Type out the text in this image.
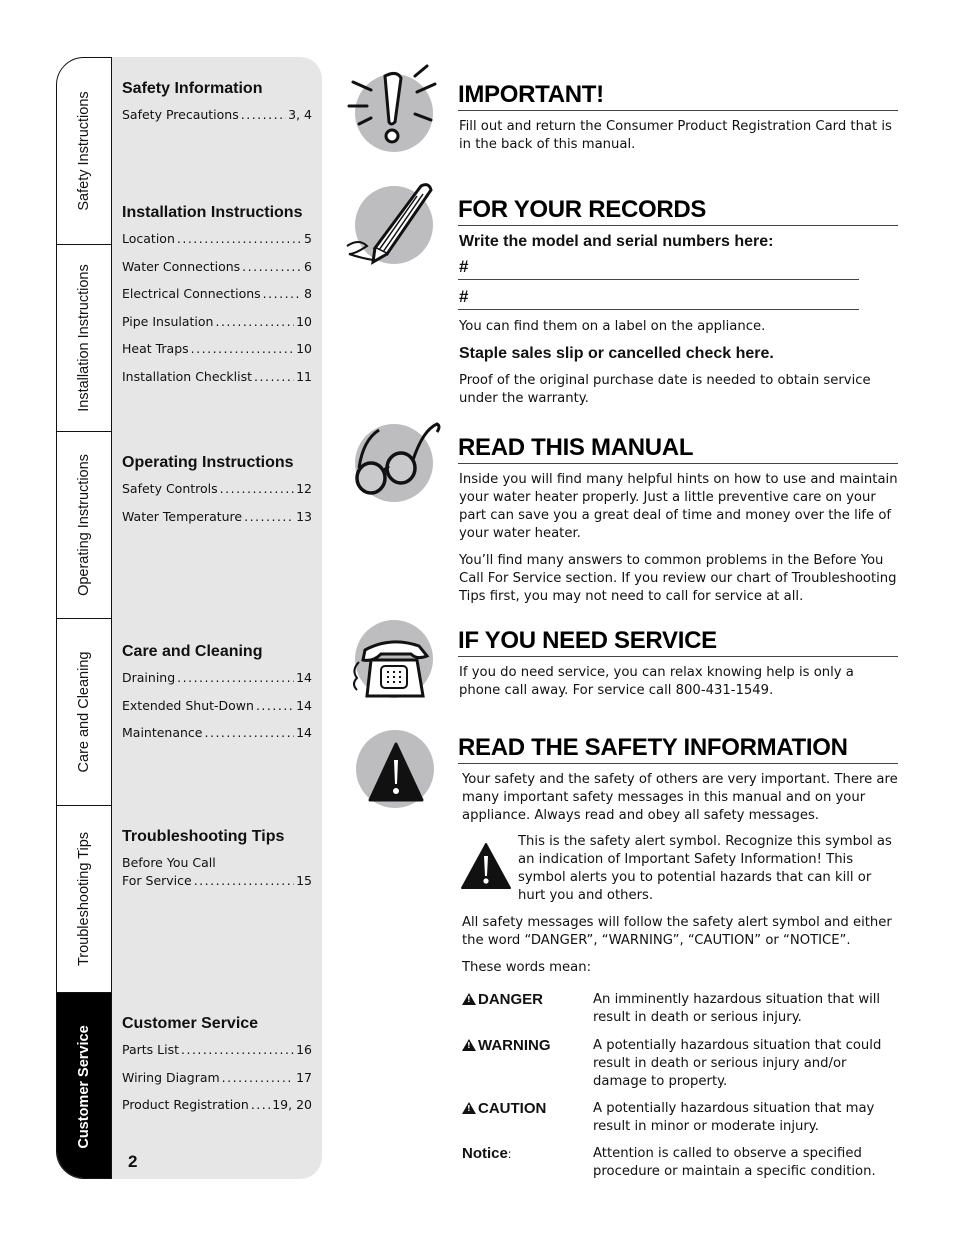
Safety Instructions
Installation Instructions
Operating Instructions
Care and Cleaning
Troubleshooting Tips
Customer Service
Safety Information
Safety Precautions .....	3, 4
Installation Instructions
Location .....	5
Water Connections .....	6
Electrical Connections .....	8
Pipe Insulation .....	10
Heat Traps .....	10
Installation Checklist .....	11
Operating Instructions
Safety Controls .....	12
Water Temperature .....	13
Care and Cleaning
Draining .....	14
Extended Shut-Down .....	14
Maintenance .....	14
Troubleshooting Tips
Before You Call
For Service .....	15
Customer Service
Parts List .....	16
Wiring Diagram .....	17
Product Registration ..... 19, 20
2
IMPORTANT!

Fill out and return the Consumer Product Registration Card that is in the back of this manual.

FOR YOUR RECORDS
Write the model and serial numbers here:
#
#

You can find them on a label on the appliance.

Staple sales slip or cancelled check here.

Proof of the original purchase date is needed to obtain service under the warranty.

READ THIS MANUAL

Inside you will find many helpful hints on how to use and maintain your water heater properly. Just a little preventive care on your part can save you a great deal of time and money over the life of your water heater.

You’ll find many answers to common problems in the Before You Call For Service section. If you review our chart of Troubleshooting Tips first, you may not need to call for service at all.

IF YOU NEED SERVICE

If you do need service, you can relax knowing help is only a phone call away. For service call 800-431-1549.

READ THE SAFETY INFORMATION

Your safety and the safety of others are very important. There are many important safety messages in this manual and on your appliance. Always read and obey all safety messages.

This is the safety alert symbol. Recognize this symbol as an indication of Important Safety Information! This symbol alerts you to potential hazards that can kill or hurt you and others.

All safety messages will follow the safety alert symbol and either the word “DANGER”, “WARNING”, “CAUTION” or “NOTICE”.

These words mean:

!DANGER	An imminently hazardous situation that will result in death or serious injury.
!WARNING	A potentially hazardous situation that could result in death or serious injury and/or damage to property.
!CAUTION	A potentially hazardous situation that may result in minor or moderate injury.
Notice:	Attention is called to observe a specified procedure or maintain a specific condition.
